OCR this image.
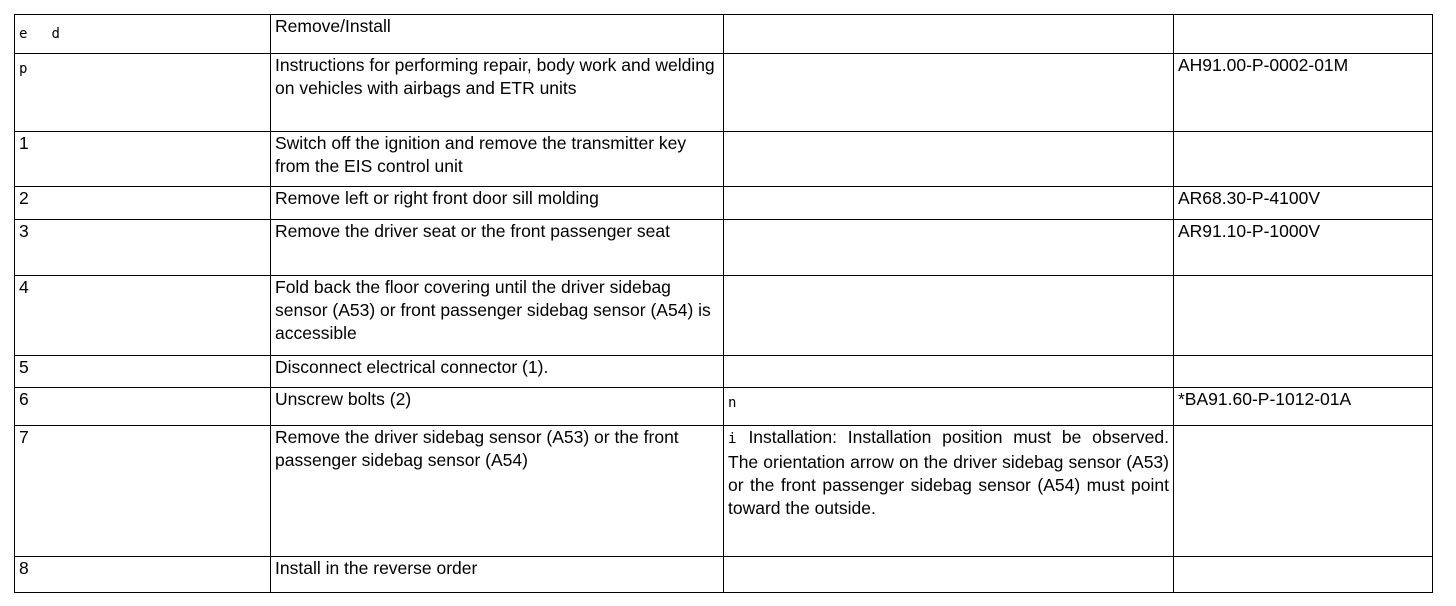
e d	Remove/Install		
p	Instructions for performing repair, body work and welding on vehicles with airbags and ETR units		AH91.00-P-0002-01M
1	Switch off the ignition and remove the transmitter key from the EIS control unit		
2	Remove left or right front door sill molding		AR68.30-P-4100V
3	Remove the driver seat or the front passenger seat		AR91.10-P-1000V
4	Fold back the floor covering until the driver sidebag sensor (A53) or front passenger sidebag sensor (A54) is accessible		
5	Disconnect electrical connector (1).		
6	Unscrew bolts (2)	n	*BA91.60-P-1012-01A
7	Remove the driver sidebag sensor (A53) or the front passenger sidebag sensor (A54)	i Installation: Installation position must be observed. The orientation arrow on the driver sidebag sensor (A53) or the front passenger sidebag sensor (A54) must point toward the outside.	
8	Install in the reverse order		
